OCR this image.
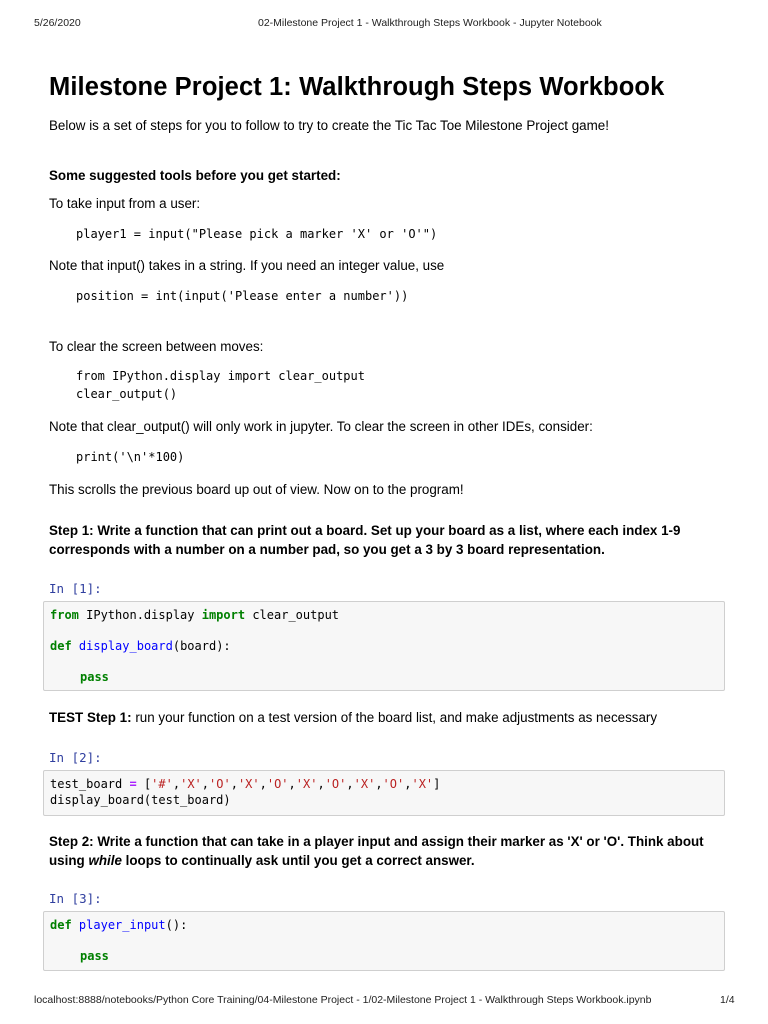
5/26/2020	02-Milestone Project 1 - Walkthrough Steps Workbook - Jupyter Notebook
Milestone Project 1: Walkthrough Steps Workbook
Below is a set of steps for you to follow to try to create the Tic Tac Toe Milestone Project game!
Some suggested tools before you get started:
To take input from a user:
player1 = input("Please pick a marker 'X' or 'O'")
Note that input() takes in a string. If you need an integer value, use
position = int(input('Please enter a number'))
To clear the screen between moves:
from IPython.display import clear_output
clear_output()
Note that clear_output() will only work in jupyter. To clear the screen in other IDEs, consider:
print('\n'*100)
This scrolls the previous board up out of view. Now on to the program!
Step 1: Write a function that can print out a board. Set up your board as a list, where each index 1-9
corresponds with a number on a number pad, so you get a 3 by 3 board representation.
In [1]:
from IPython.display import clear_output
def display_board(board):
pass
TEST Step 1: run your function on a test version of the board list, and make adjustments as necessary
In [2]:
test_board = ['#','X','O','X','O','X','O','X','O','X']
display_board(test_board)
Step 2: Write a function that can take in a player input and assign their marker as 'X' or 'O'. Think about
using while loops to continually ask until you get a correct answer.
In [3]:
def player_input():
pass
localhost:8888/notebooks/Python Core Training/04-Milestone Project - 1/02-Milestone Project 1 - Walkthrough Steps Workbook.ipynb	1/4
